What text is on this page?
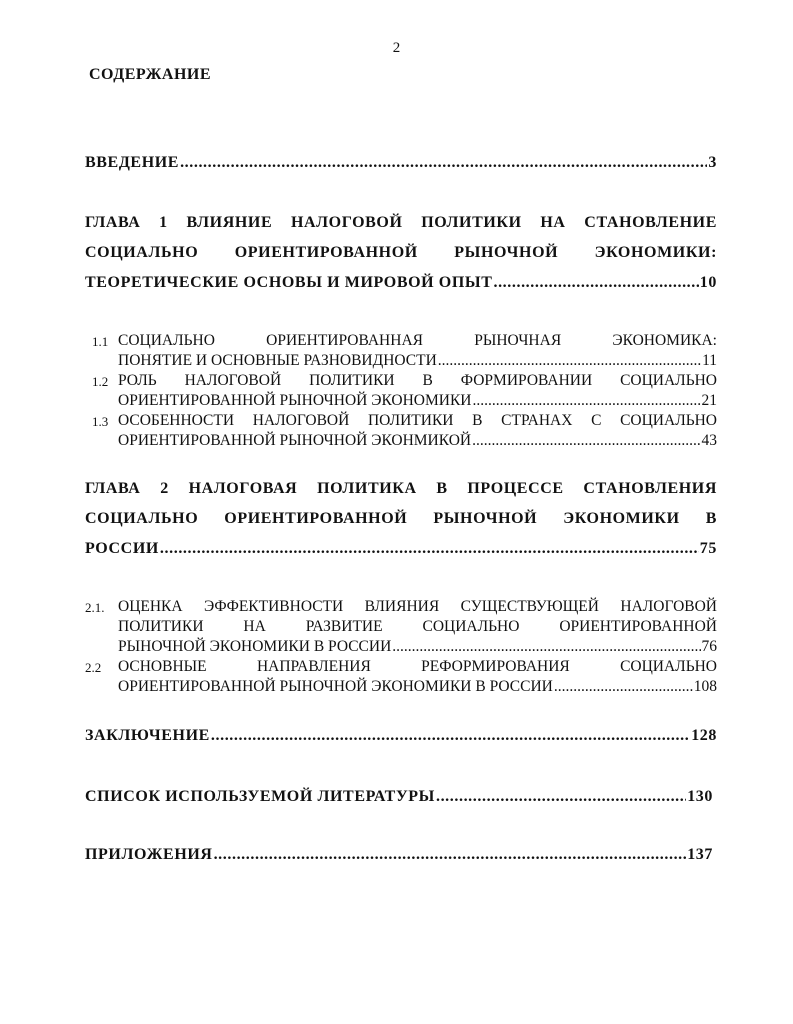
2
СОДЕРЖАНИЕ
ВВЕДЕНИЕ .....	3
ГЛАВА 1 ВЛИЯНИЕ НАЛОГОВОЙ ПОЛИТИКИ НА СТАНОВЛЕНИЕ
СОЦИАЛЬНО ОРИЕНТИРОВАННОЙ РЫНОЧНОЙ ЭКОНОМИКИ:
ТЕОРЕТИЧЕСКИЕ ОСНОВЫ И МИРОВОЙ ОПЫТ .....	10
1.1 СОЦИАЛЬНО ОРИЕНТИРОВАННАЯ РЫНОЧНАЯ ЭКОНОМИКА:
ПОНЯТИЕ И ОСНОВНЫЕ РАЗНОВИДНОСТИ .....	11
1.2 РОЛЬ НАЛОГОВОЙ ПОЛИТИКИ В ФОРМИРОВАНИИ СОЦИАЛЬНО
ОРИЕНТИРОВАННОЙ РЫНОЧНОЙ ЭКОНОМИКИ .....	21
1.3 ОСОБЕННОСТИ НАЛОГОВОЙ ПОЛИТИКИ В СТРАНАХ С СОЦИАЛЬНО
ОРИЕНТИРОВАННОЙ РЫНОЧНОЙ ЭКОНМИКОЙ .....	43
ГЛАВА 2 НАЛОГОВАЯ ПОЛИТИКА В ПРОЦЕССЕ СТАНОВЛЕНИЯ
СОЦИАЛЬНО ОРИЕНТИРОВАННОЙ РЫНОЧНОЙ ЭКОНОМИКИ В
РОССИИ .....	75
2.1. ОЦЕНКА ЭФФЕКТИВНОСТИ ВЛИЯНИЯ СУЩЕСТВУЮЩЕЙ НАЛОГОВОЙ
ПОЛИТИКИ НА РАЗВИТИЕ СОЦИАЛЬНО ОРИЕНТИРОВАННОЙ
РЫНОЧНОЙ ЭКОНОМИКИ В РОССИИ .....	76
2.2 ОСНОВНЫЕ НАПРАВЛЕНИЯ РЕФОРМИРОВАНИЯ СОЦИАЛЬНО
ОРИЕНТИРОВАННОЙ РЫНОЧНОЙ ЭКОНОМИКИ В РОССИИ .....	108
ЗАКЛЮЧЕНИЕ .....	128
СПИСОК ИСПОЛЬЗУЕМОЙ ЛИТЕРАТУРЫ .....	130
ПРИЛОЖЕНИЯ .....	137
